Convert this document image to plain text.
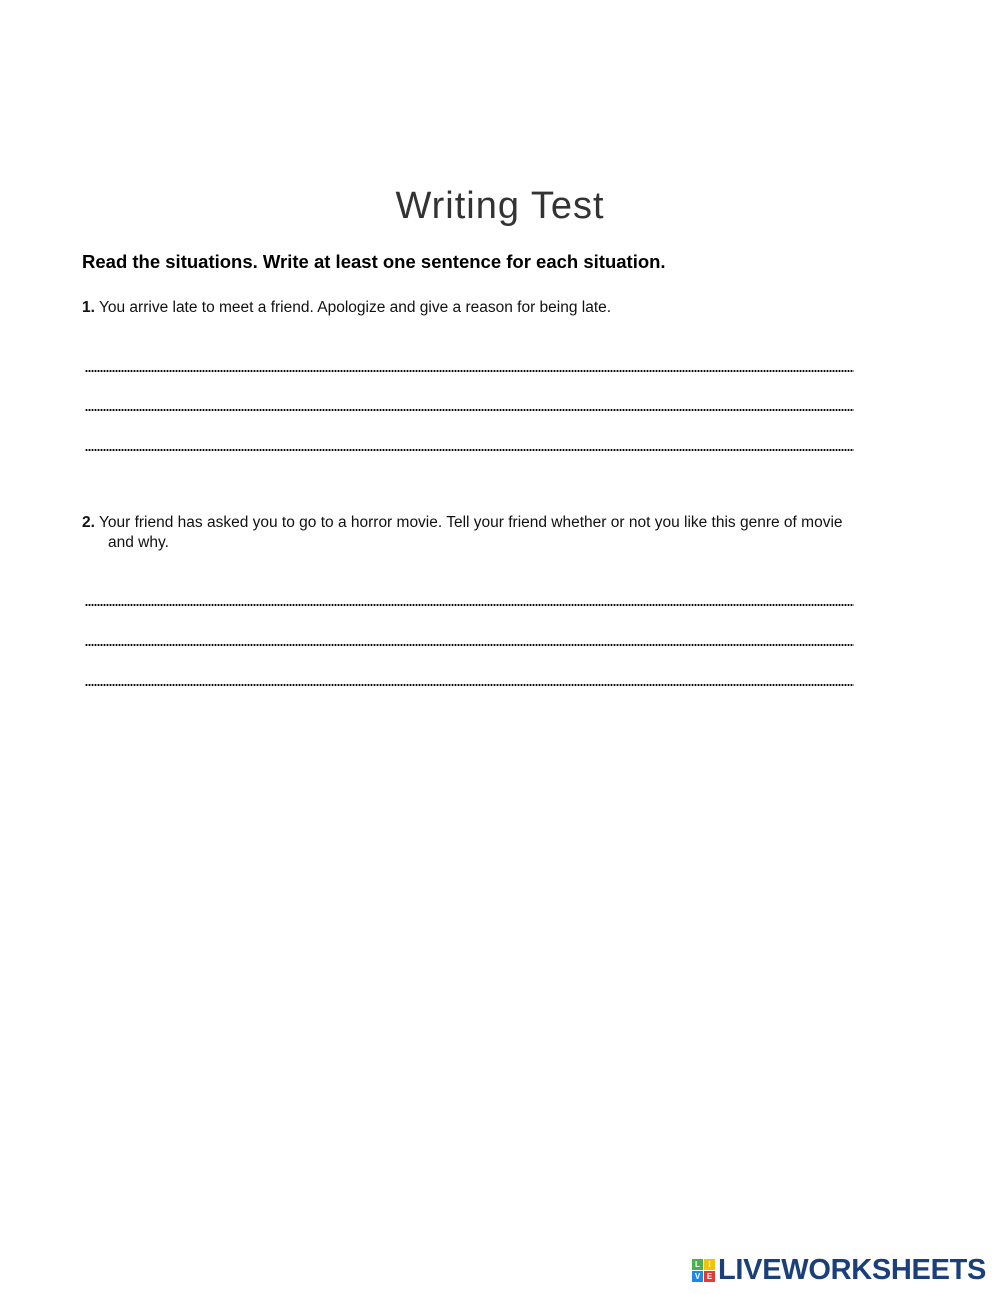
Writing Test
Read the situations. Write at least one sentence for each situation.
1. You arrive late to meet a friend. Apologize and give a reason for being late.
2. Your friend has asked you to go to a horror movie. Tell your friend whether or not you like this genre of movie
and why.
L	I
V E LIVEWORKSHEETS
